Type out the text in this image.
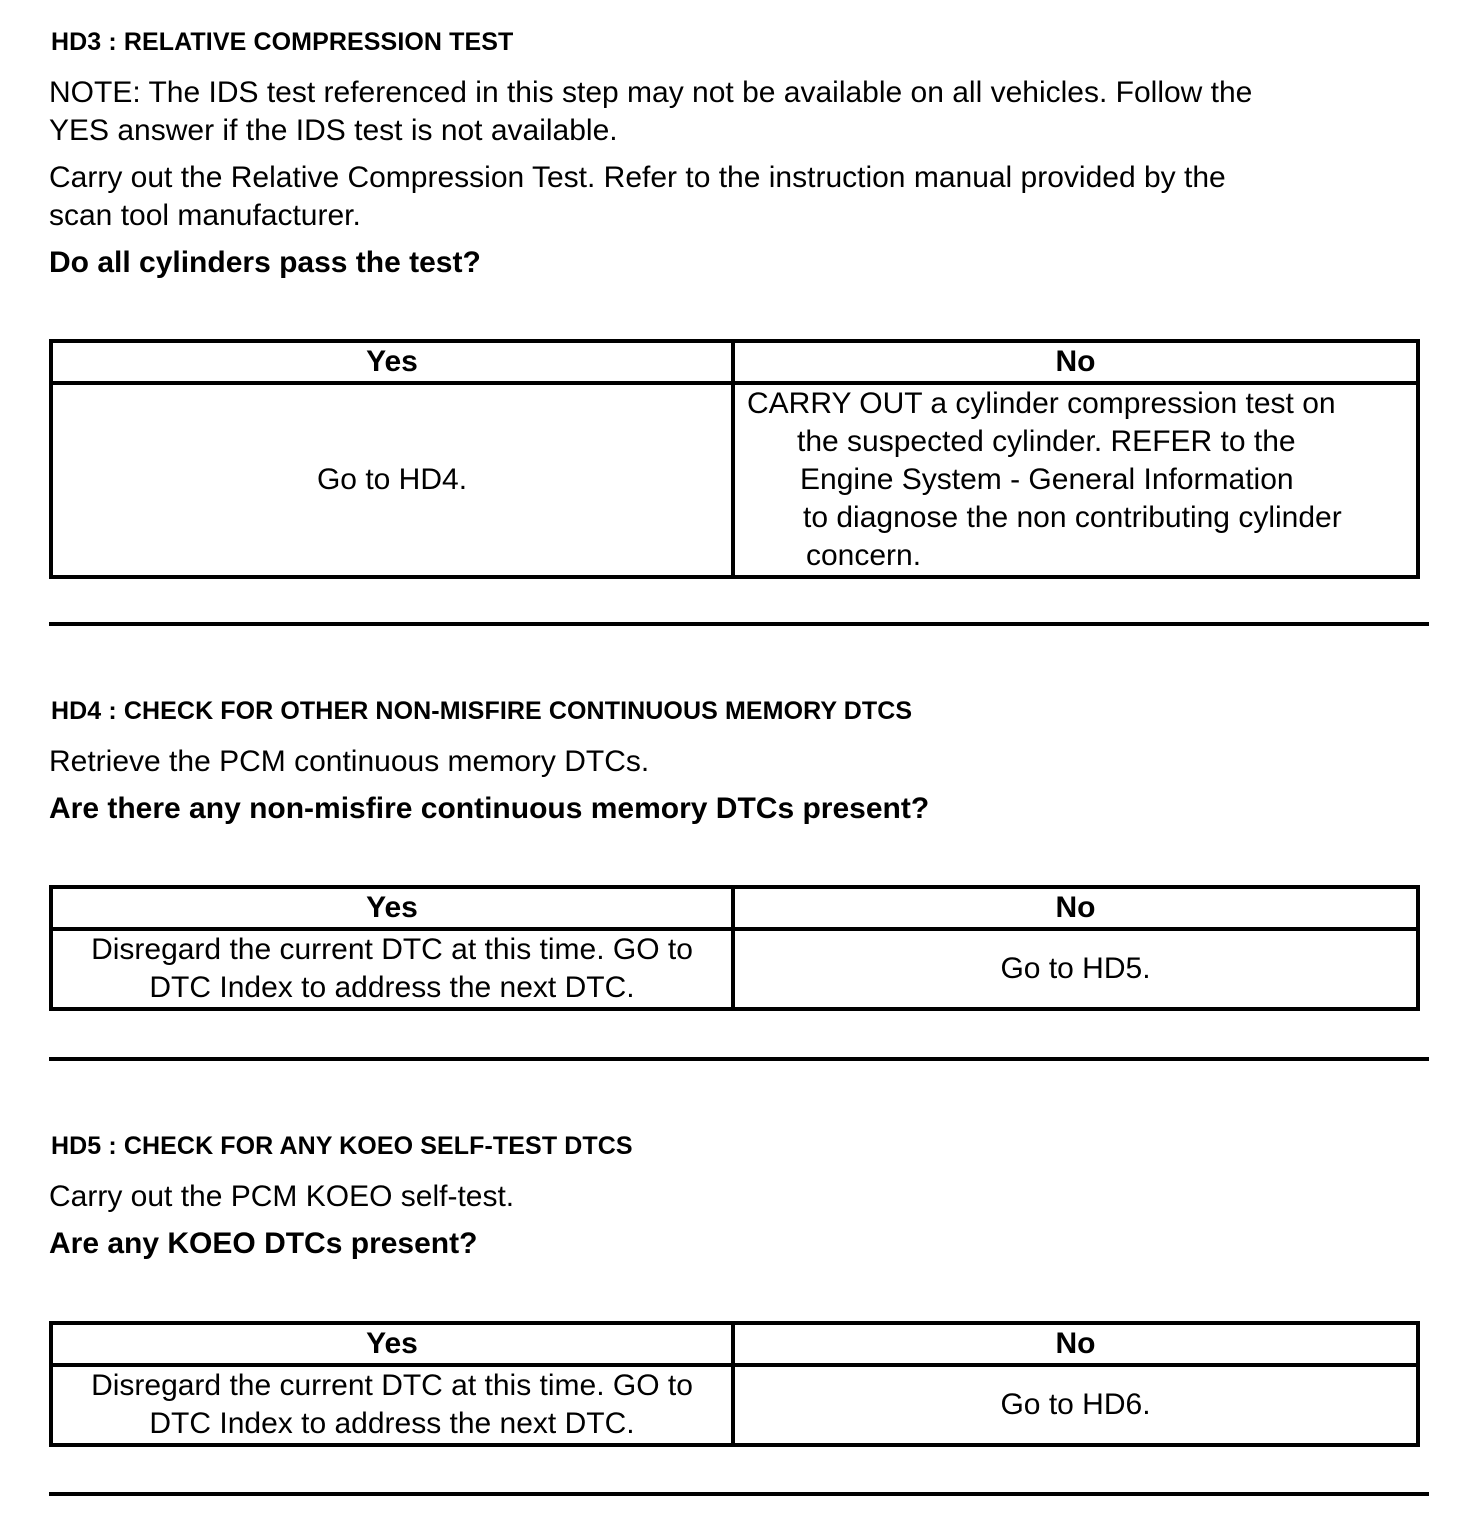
HD3 : RELATIVE COMPRESSION TEST
NOTE: The IDS test referenced in this step may not be available on all vehicles. Follow the
YES answer if the IDS test is not available.
Carry out the Relative Compression Test. Refer to the instruction manual provided by the
scan tool manufacturer.
Do all cylinders pass the test?
Yes	No
Go to HD4.	CARRY OUT a cylinder compression test on
the suspected cylinder. REFER to the
Engine System - General Information
to diagnose the non contributing cylinder
concern.
HD4 : CHECK FOR OTHER NON-MISFIRE CONTINUOUS MEMORY DTCS
Retrieve the PCM continuous memory DTCs.
Are there any non-misfire continuous memory DTCs present?
Yes	No
Disregard the current DTC at this time. GO to
DTC Index to address the next DTC.	Go to HD5.
HD5 : CHECK FOR ANY KOEO SELF-TEST DTCS
Carry out the PCM KOEO self-test.
Are any KOEO DTCs present?
Yes	No
Disregard the current DTC at this time. GO to
DTC Index to address the next DTC.	Go to HD6.
